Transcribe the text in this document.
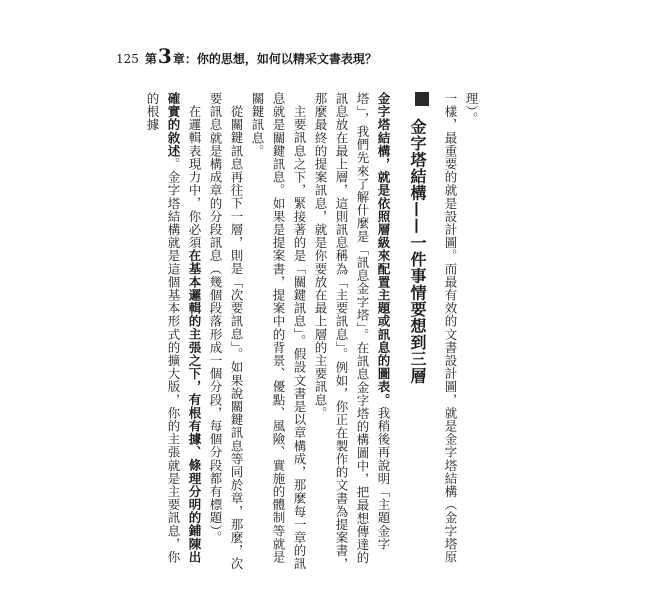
125 第 3 章：你的思想，如何以精采文書表現？

理）。

一樣，最重要的就是設計圖。而最有效的文書設計圖，就是金字塔結構（金字塔原

金字塔結構——一件事情要想到三層

金字塔結構，就是依照層級來配置主題或訊息的圖表。我稍後再說明「主題金字塔」，我們先來了解什麼是「訊息金字塔」。在訊息金字塔的構圖中，把最想傳達的訊息放在最上層，這則訊息稱為「主要訊息」。例如，你正在製作的文書為提案書，那麼最終的提案訊息，就是你要放在最上層的主要訊息。

主要訊息之下，緊接著的是「關鍵訊息」。假設文書是以章構成，那麼每一章的訊息就是關鍵訊息。如果是提案書，提案中的背景、優點、風險、實施的體制等就是關鍵訊息。

從關鍵訊息再往下一層，則是「次要訊息」。如果說關鍵訊息等同於章，那麼，次要訊息就是構成章的分段訊息（幾個段落形成一個分段，每個分段都有標題）。

在邏輯表現力中，你必須在基本邏輯的主張之下，有根有據、條理分明的鋪陳出確實的敘述。金字塔結構就是這個基本形式的擴大版，你的主張就是主要訊息，你的根據
